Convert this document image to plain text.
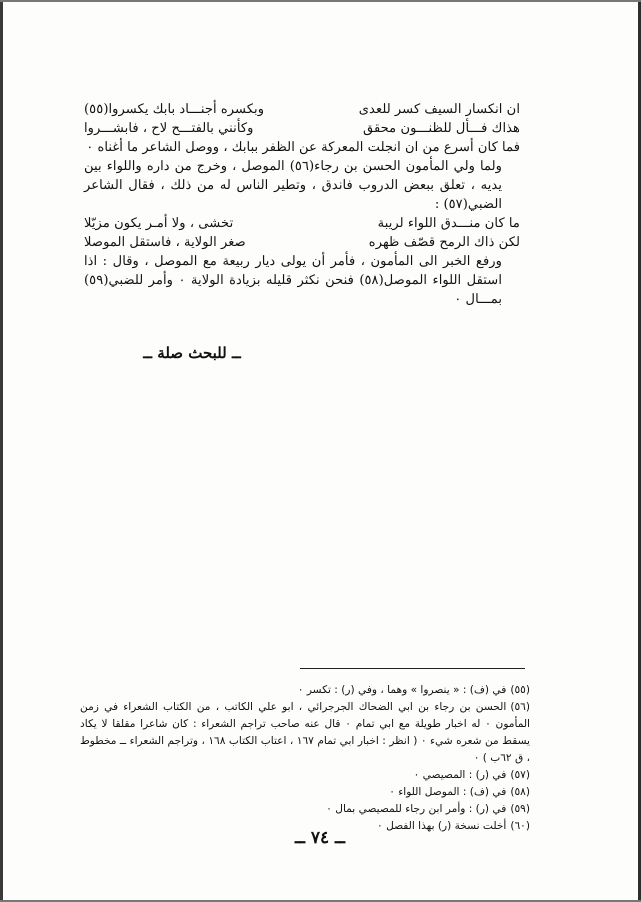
ان انكسار السيف كسر للعدى
وبكسره أجنـــاد بابك يكسروا(٥٥)

هذاك فـــأل للظنـــون محقق
وكأنني بالفتـــح لاح ، فابشـــروا

فما كان أسرع من ان انجلت المعركة عن الظفر ببابك ، ووصل الشاعر ما أغناه ٠

ولما ولي المأمون الحسن بن رجاء(٥٦) الموصل ، وخرج من داره واللواء بين يديه ، تعلق ببعض الدروب فاندق ، وتطير الناس له من ذلك ، فقال الشاعر الضبي(٥٧) :

ما كان منـــدق اللواء لريبة
تخشى ، ولا أمـر يكون مزيّلا

لكن ذاك الرمح قصّف ظهره
صغر الولاية ، فاستقل الموصلا

ورفع الخبر الى المأمون ، فأمر أن يولى ديار ربيعة مع الموصل ، وقال : اذا استقل اللواء الموصل(٥٨) فنحن نكثر قليله بزيادة الولاية ٠ وأمر للضبي(٥٩) بمـــال ٠

ــ للبحث صلة ــ

(٥٥)في (ف) : « ينصروا » وهما ، وفي (ر) : تكسر ٠

(٥٦)الحسن بن رجاء بن ابي الضحاك الجرجرائي ، ابو علي الكاتب ، من الكتاب الشعراء في زمن المأمون ٠ له اخبار طويلة مع ابي تمام ٠ قال عنه صاحب تراجم الشعراء : كان شاعرا مقلقا لا يكاد يسقط من شعره شيء ٠ ( انظر : اخبار ابي تمام ١٦٧ ، اعتاب الكتاب ١٦٨ ، وتراجم الشعراء ــ مخطوط ، ق ٦٢ب ) ٠

(٥٧)في (ر) : المصيصي ٠

(٥٨)في (ف) : الموصل اللواء ٠

(٥٩)في (ر) : وأمر ابن رجاء للمصيصي بمال ٠

(٦٠)أخلت نسخة (ر) بهذا الفصل ٠

ــ ٧٤ ــ
